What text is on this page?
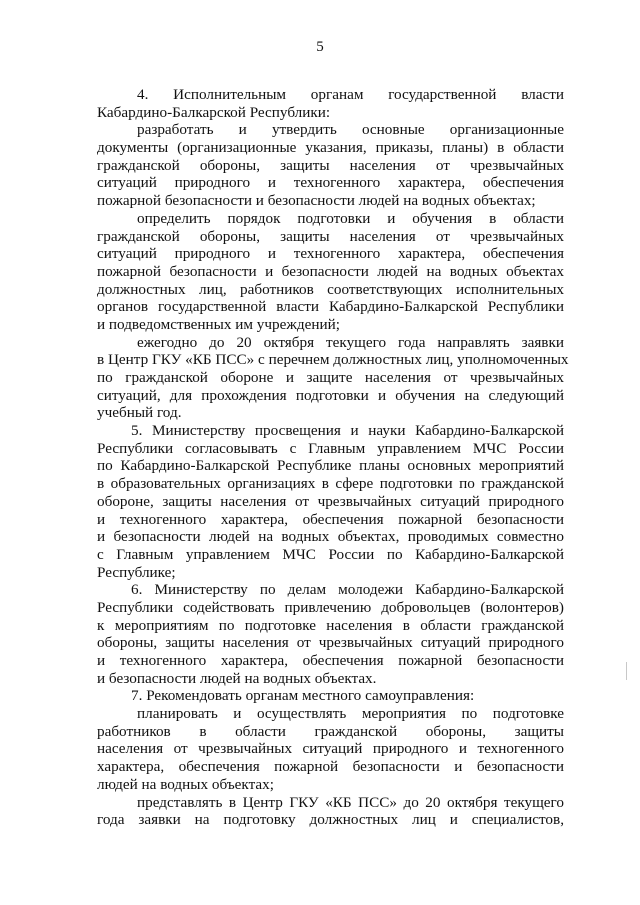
5
4. Исполнительным органам государственной власти
Кабардино-Балкарской Республики:
разработать и утвердить основные организационные
документы (организационные указания, приказы, планы) в области
гражданской обороны, защиты населения от чрезвычайных
ситуаций природного и техногенного характера, обеспечения
пожарной безопасности и безопасности людей на водных объектах;
определить порядок подготовки и обучения в области
гражданской обороны, защиты населения от чрезвычайных
ситуаций природного и техногенного характера, обеспечения
пожарной безопасности и безопасности людей на водных объектах
должностных лиц, работников соответствующих исполнительных
органов государственной власти Кабардино-Балкарской Республики
и подведомственных им учреждений;
ежегодно до 20 октября текущего года направлять заявки
в Центр ГКУ «КБ ПСС» с перечнем должностных лиц, уполномоченных
по гражданской обороне и защите населения от чрезвычайных
ситуаций, для прохождения подготовки и обучения на следующий
учебный год.
5. Министерству просвещения и науки Кабардино-Балкарской
Республики согласовывать с Главным управлением МЧС России
по Кабардино-Балкарской Республике планы основных мероприятий
в образовательных организациях в сфере подготовки по гражданской
обороне, защиты населения от чрезвычайных ситуаций природного
и техногенного характера, обеспечения пожарной безопасности
и безопасности людей на водных объектах, проводимых совместно
с Главным управлением МЧС России по Кабардино-Балкарской
Республике;
6. Министерству по делам молодежи Кабардино-Балкарской
Республики содействовать привлечению добровольцев (волонтеров)
к мероприятиям по подготовке населения в области гражданской
обороны, защиты населения от чрезвычайных ситуаций природного
и техногенного характера, обеспечения пожарной безопасности
и безопасности людей на водных объектах.
7. Рекомендовать органам местного самоуправления:
планировать и осуществлять мероприятия по подготовке
работников в области гражданской обороны, защиты
населения от чрезвычайных ситуаций природного и техногенного
характера, обеспечения пожарной безопасности и безопасности
людей на водных объектах;
представлять в Центр ГКУ «КБ ПСС» до 20 октября текущего
года заявки на подготовку должностных лиц и специалистов,
